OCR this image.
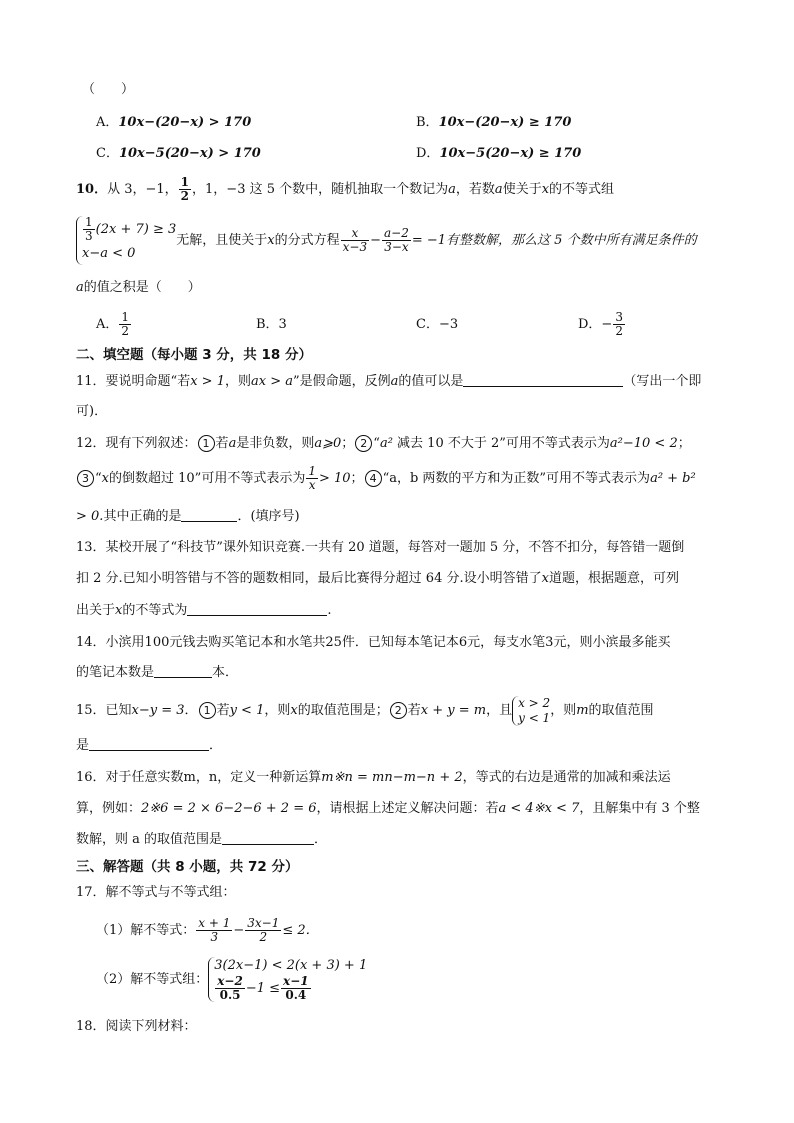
（　　）
A．10x−(20−x) > 170	B．10x−(20−x) ≥ 170
C．10x−5(20−x) > 170	D．10x−5(20−x) ≥ 170
10．从 3，−1， $\frac{1}{2}$ ，1，−3 这 5 个数中，随机抽取一个数记为a，若数a使关于x的不等式组
$\frac{1}{3} (2x + 7) \ge 3$
x−a < 0
无解，且使关于x的分式方程 $\frac{x}{x-3} - \frac{a-2}{3-x} = -1$有整数解，那么这 5 个数中所有满足条件的
a的值之积是（　　）
A． $\frac{1}{2}$	B．3	C．−3	D．− $\frac{3}{2}$
二、填空题（每小题 3 分，共 18 分）
11．要说明命题“若x > 1，则ax > a”是假命题，反例a的值可以是	（写出一个即
可)．
12．现有下列叙述： 1 若a是非负数，则a⩾0； 2 “a² 减去 10 不大于 2”可用不等式表示为a²−10 < 2；
3 “x的倒数超过 10”可用不等式表示为 $\frac{1}{x} > 10$； 4 “a，b 两数的平方和为正数”可用不等式表示为a² + b²
> 0.其中正确的是	．(填序号)
13．某校开展了“科技节”课外知识竞赛.一共有 20 道题，每答对一题加 5 分，不答不扣分，每答错一题倒
扣 2 分.已知小明答错与不答的题数相同，最后比赛得分超过 64 分.设小明答错了x道题，根据题意，可列
出关于x的不等式为	.
14．小滨用100元钱去购买笔记本和水笔共25件．已知每本笔记本6元，每支水笔3元，则小滨最多能买
的笔记本数是	本．
15．已知x−y = 3． 1 若y < 1，则x的取值范围是； 2 若x + y = m，且
x > 2
y < 1 ，则m的取值范围
是	．
16．对于任意实数m，n，定义一种新运算m※n = mn−m−n + 2，等式的右边是通常的加减和乘法运
算，例如：2※6 = 2 × 6−2−6 + 2 = 6，请根据上述定义解决问题：若a < 4※x < 7，且解集中有 3 个整
数解，则 a 的取值范围是	．
三、解答题（共 8 小题，共 72 分）
17．解不等式与不等式组：
（1）解不等式： $\frac{x + 1}{3} - \frac{3x-1}{2} \le 2$．
（2）解不等式组：
3(2x−1) < 2(x + 3) + 1
$\frac{x-2}{0.5} -1 \le \frac{x-1}{0.4}$
18．阅读下列材料：
